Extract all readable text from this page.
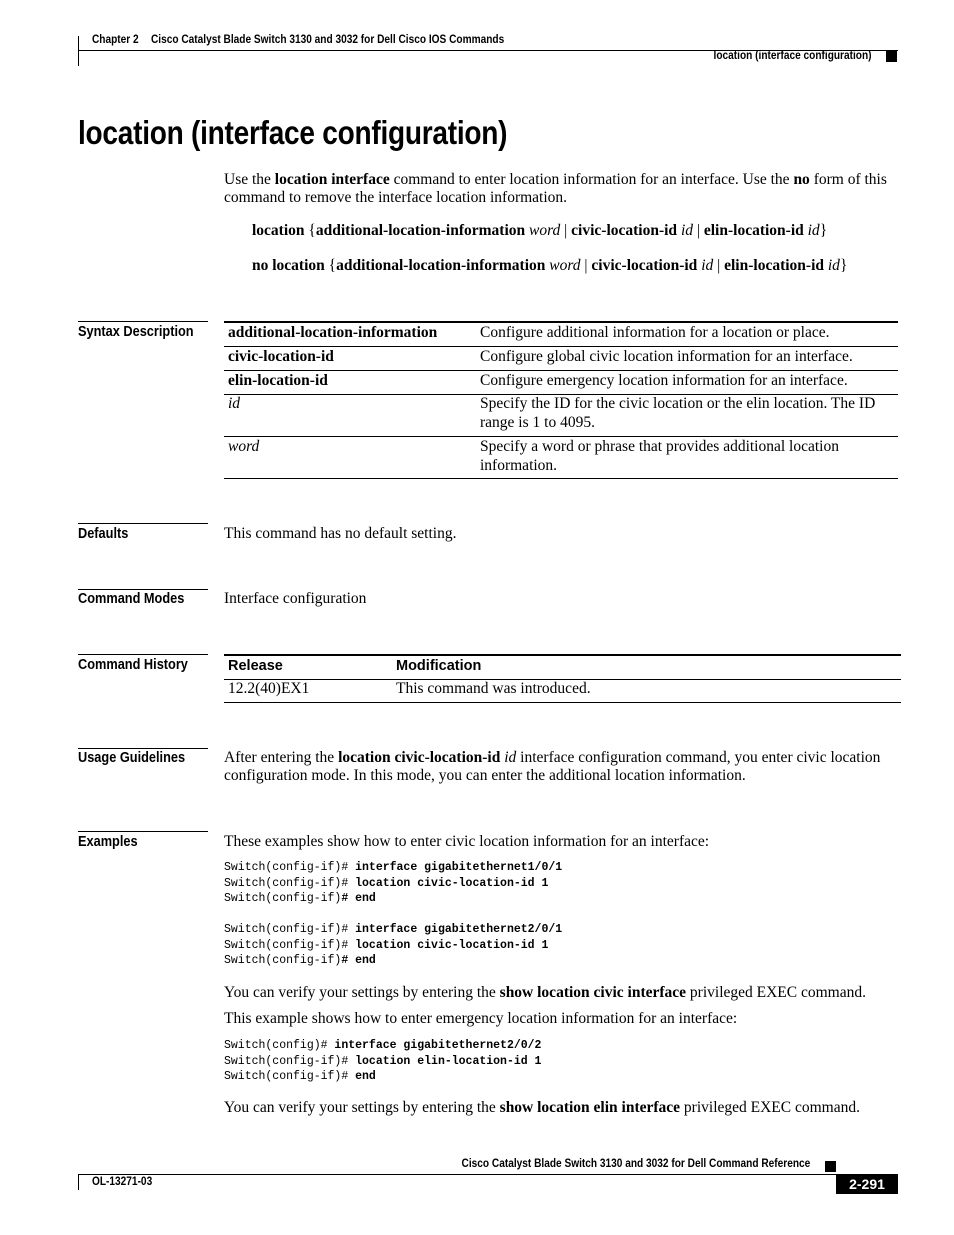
Chapter 2 Cisco Catalyst Blade Switch 3130 and 3032 for Dell Cisco IOS Commands
location (interface configuration)
location (interface configuration)
Use the location interface command to enter location information for an interface. Use the no form of this command to remove the interface location information.
location {additional-location-information word | civic-location-id id | elin-location-id id}
no location {additional-location-information word | civic-location-id id | elin-location-id id}
Syntax Description additional-location-information	Configure additional information for a location or place.
civic-location-id	Configure global civic location information for an interface.
elin-location-id	Configure emergency location information for an interface.
id	Specify the ID for the civic location or the elin location. The ID range is 1 to 4095.
word	Specify a word or phrase that provides additional location information.
Defaults	This command has no default setting.
Command Modes	Interface configuration
Command History	Release	Modification
12.2(40)EX1	This command was introduced.
Usage Guidelines	After entering the location civic-location-id id interface configuration command, you enter civic location configuration mode. In this mode, you can enter the additional location information.
Examples	These examples show how to enter civic location information for an interface:
Switch(config-if)# interface gigabitethernet1/0/1
Switch(config-if)# location civic-location-id 1
Switch(config-if)# end
Switch(config-if)# interface gigabitethernet2/0/1
Switch(config-if)# location civic-location-id 1
Switch(config-if)# end
You can verify your settings by entering the show location civic interface privileged EXEC command.
This example shows how to enter emergency location information for an interface:
Switch(config)# interface gigabitethernet2/0/2
Switch(config-if)# location elin-location-id 1
Switch(config-if)# end
You can verify your settings by entering the show location elin interface privileged EXEC command.
Cisco Catalyst Blade Switch 3130 and 3032 for Dell Command Reference
OL-13271-03	2-291
